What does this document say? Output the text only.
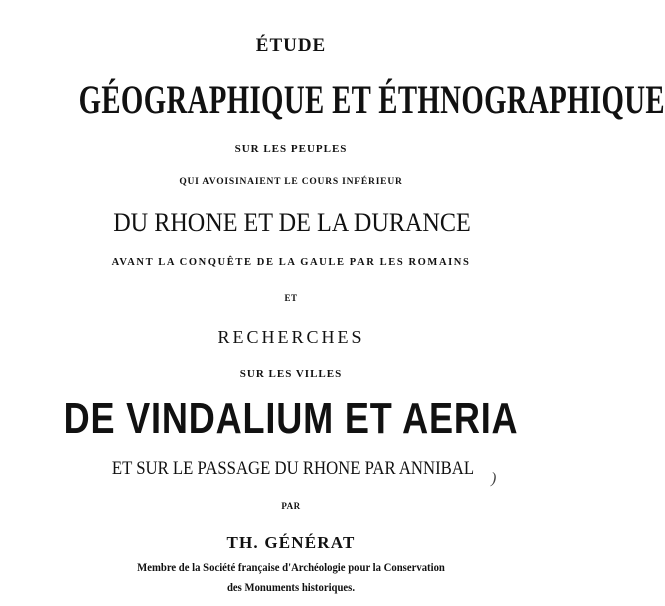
ÉTUDE
GÉOGRAPHIQUE ET ÉTHNOGRAPHIQUE
SUR LES PEUPLES
QUI AVOISINAIENT LE COURS INFÉRIEUR
DU RHONE ET DE LA DURANCE
AVANT LA CONQUÊTE DE LA GAULE PAR LES ROMAINS
ET
RECHERCHES
SUR LES VILLES
DE VINDALIUM ET AERIA
ET SUR LE PASSAGE DU RHONE PAR ANNIBAL
PAR
TH. GÉNÉRAT
Membre de la Société française d'Archéologie pour la Conservation
des Monuments historiques.
)
